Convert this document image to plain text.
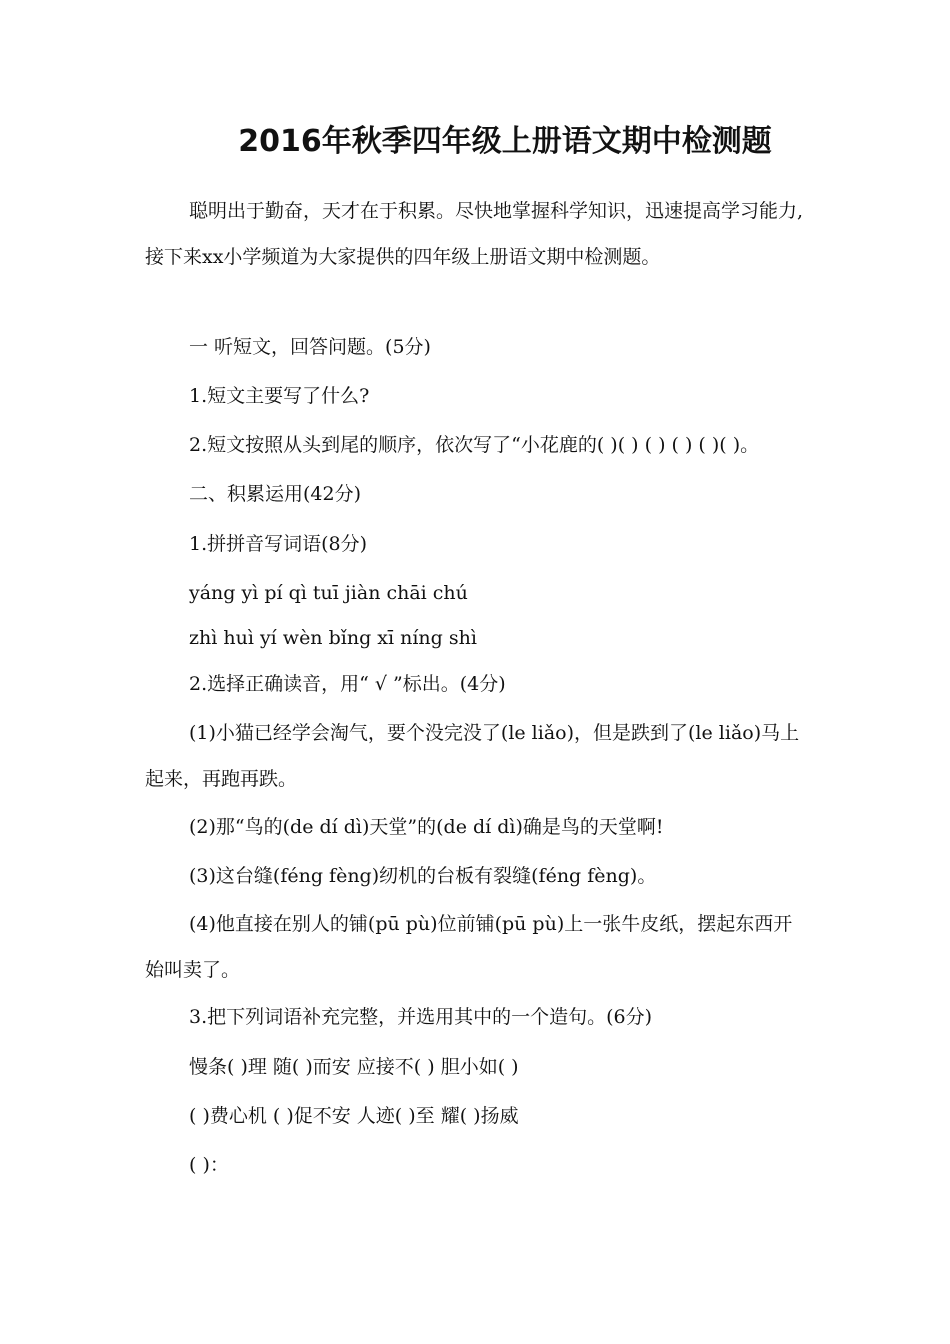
2016年秋季四年级上册语文期中检测题

聪明出于勤奋，天才在于积累。尽快地掌握科学知识，迅速提高学习能力,接下来xx小学频道为大家提供的四年级上册语文期中检测题。

一 听短文，回答问题。(5分)
1.短文主要写了什么?
2.短文按照从头到尾的顺序，依次写了“小花鹿的( )( ) ( ) ( ) ( )( )。
二、积累运用(42分)
1.拼拼音写词语(8分)
yáng yì pí qì tuī jiàn chāi chú
zhì huì yí wèn bǐng xī níng shì
2.选择正确读音，用“ √ ”标出。(4分)
(1)小猫已经学会淘气，要个没完没了(le liǎo)，但是跌到了(le liǎo)马上起来，再跑再跌。
(2)那“鸟的(de dí dì)天堂”的(de dí dì)确是鸟的天堂啊!
(3)这台缝(féng fèng)纫机的台板有裂缝(féng fèng)。
(4)他直接在别人的铺(pū pù)位前铺(pū pù)上一张牛皮纸，摆起东西开始叫卖了。
3.把下列词语补充完整，并选用其中的一个造句。(6分)
慢条( )理 随( )而安 应接不( ) 胆小如( )
( )费心机 ( )促不安 人迹( )至 耀( )扬威
( )：
